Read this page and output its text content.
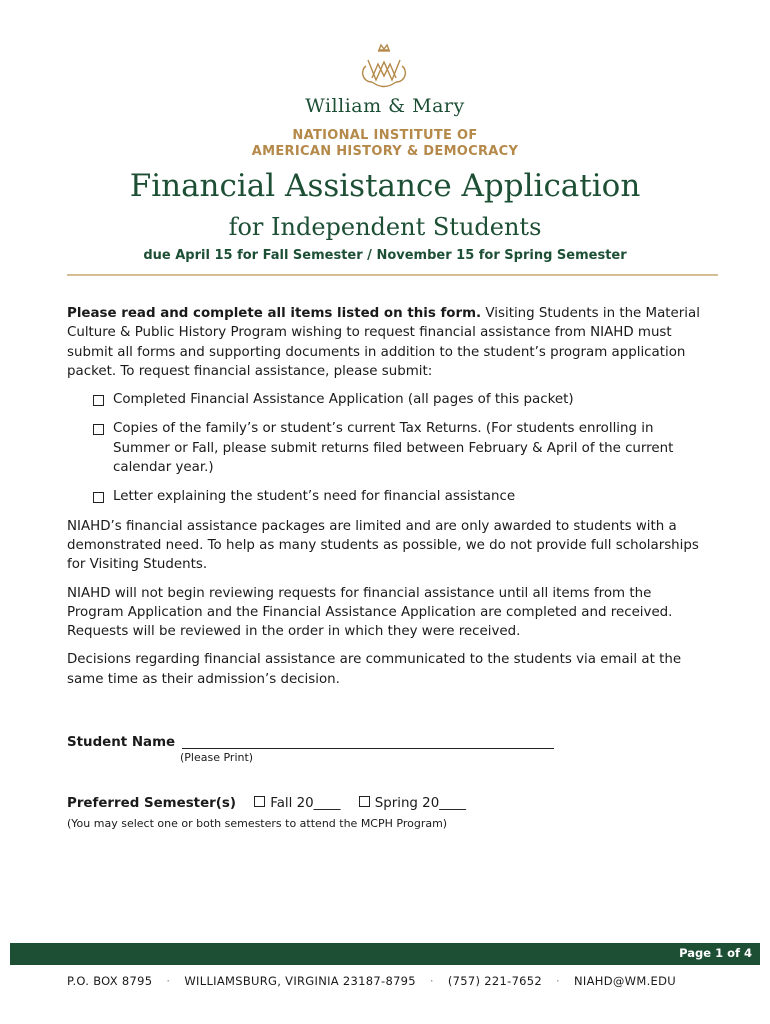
William & Mary
NATIONAL INSTITUTE OF
AMERICAN HISTORY & DEMOCRACY
Financial Assistance Application
for Independent Students
due April 15 for Fall Semester / November 15 for Spring Semester

Please read and complete all items listed on this form. Visiting Students in the Material Culture & Public History Program wishing to request financial assistance from NIAHD must submit all forms and supporting documents in addition to the student’s program application packet. To request financial assistance, please submit:

Completed Financial Assistance Application (all pages of this packet)
Copies of the family’s or student’s current Tax Returns. (For students enrolling in Summer or Fall, please submit returns filed between February & April of the current calendar year.)
Letter explaining the student’s need for financial assistance

NIAHD’s financial assistance packages are limited and are only awarded to students with a demonstrated need. To help as many students as possible, we do not provide full scholarships for Visiting Students.

NIAHD will not begin reviewing requests for financial assistance until all items from the Program Application and the Financial Assistance Application are completed and received. Requests will be reviewed in the order in which they were received.

Decisions regarding financial assistance are communicated to the students via email at the same time as their admission’s decision.

Student Name
(Please Print)
Preferred Semester(s)	Fall 20____	Spring 20____
(You may select one or both semesters to attend the MCPH Program)
Page 1 of 4
P.O. BOX 8795 · WILLIAMSBURG, VIRGINIA 23187-8795 · (757) 221-7652 · NIAHD@WM.EDU
